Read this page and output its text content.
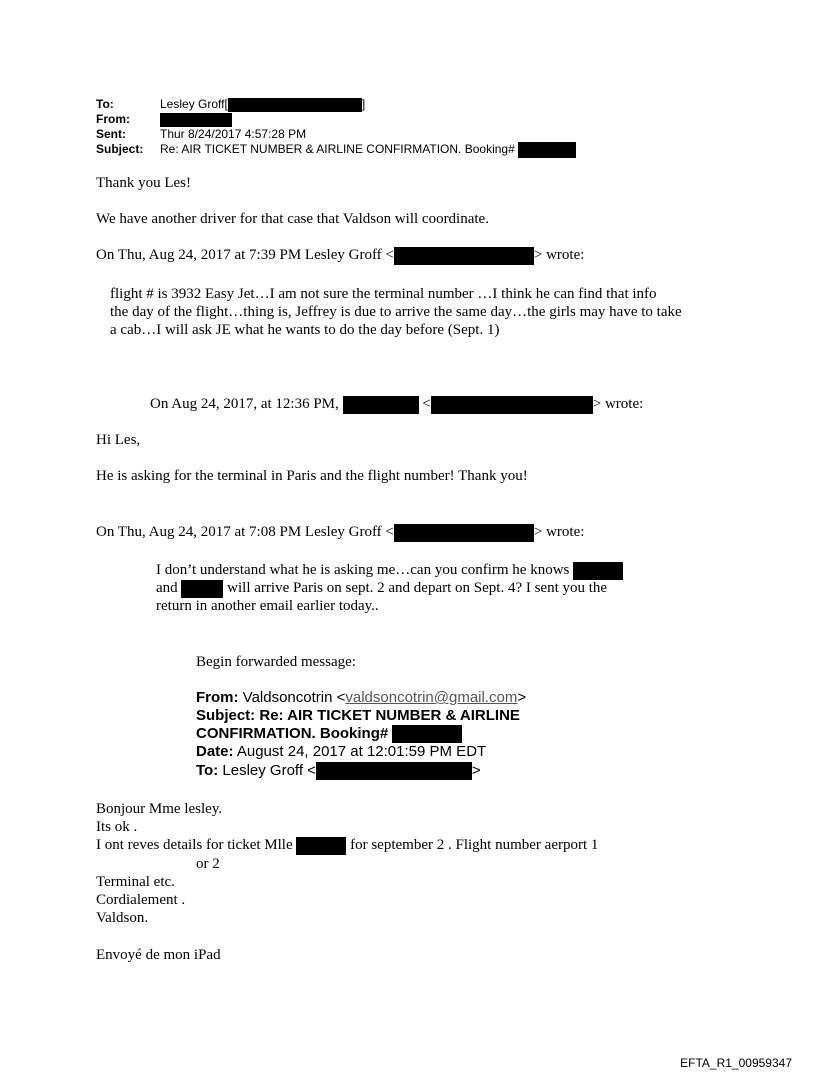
To:	Lesley Groff[	]
From:
Sent:	Thur 8/24/2017 4:57:28 PM
Subject: Re: AIR TICKET NUMBER & AIRLINE CONFIRMATION. Booking#
Thank you Les!
We have another driver for that case that Valdson will coordinate.
On Thu, Aug 24, 2017 at 7:39 PM Lesley Groff <	> wrote:
flight # is 3932 Easy Jet…I am not sure the terminal number …I think he can find that info
the day of the flight…thing is, Jeffrey is due to arrive the same day…the girls may have to take
a cab…I will ask JE what he wants to do the day before (Sept. 1)
On Aug 24, 2017, at 12:36 PM,	<	> wrote:
Hi Les,
He is asking for the terminal in Paris and the flight number! Thank you!
On Thu, Aug 24, 2017 at 7:08 PM Lesley Groff <	> wrote:
I don’t understand what he is asking me…can you confirm he knows
and	will arrive Paris on sept. 2 and depart on Sept. 4? I sent you the
return in another email earlier today..
Begin forwarded message:
From: Valdsoncotrin <valdsoncotrin@gmail.com>
Subject: Re: AIR TICKET NUMBER & AIRLINE
CONFIRMATION. Booking#
Date: August 24, 2017 at 12:01:59 PM EDT
To: Lesley Groff <	>
Bonjour Mme lesley.
Its ok .
I ont reves details for ticket Mlle	for september 2 . Flight number aerport 1
or 2
Terminal etc.
Cordialement .
Valdson.
Envoyé de mon iPad
EFTA_R1_00959347
